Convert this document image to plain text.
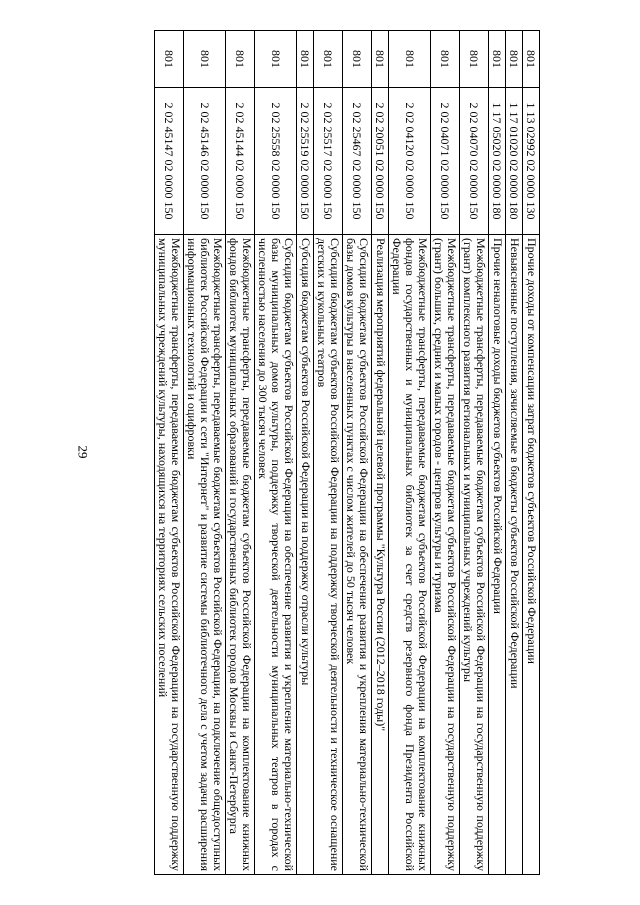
29
801	1 13 02992 02 0000 130	Прочие доходы от компенсации затрат бюджетов субъектов Российской Федерации
801	1 17 01020 02 0000 180	Невыясненные поступления, зачисляемые в бюджеты субъектов Российской Федерации
801	1 17 05020 02 0000 180	Прочие неналоговые доходы бюджетов субъектов Российской Федерации
801	2 02 04070 02 0000 150	Межбюджетные трансферты, передаваемые бюджетам субъектов Российской Федерации на государственную поддержку (грант) комплексного развития региональных и муниципальных учреждений культуры
801	2 02 04071 02 0000 150	Межбюджетные трансферты, передаваемые бюджетам субъектов Российской Федерации на государственную поддержку (грант) больших, средних и малых городов - центров культуры и туризма
801	2 02 04120 02 0000 150	Межбюджетные трансферты, передаваемые бюджетам субъектов Российской Федерации на комплектование книжных фондов государственных и муниципальных библиотек за счет средств резервного фонда Президента Российской Федерации
801	2 02 20051 02 0000 150	Реализация мероприятий федеральной целевой программы "Культура России (2012–2018 годы)"
801	2 02 25467 02 0000 150	Субсидии бюджетам субъектов Российской Федерации на обеспечение развития и укрепления материально-технической базы домов культуры в населенных пунктах с числом жителей до 50 тысяч человек
801	2 02 25517 02 0000 150	Субсидии бюджетам субъектов Российской Федерации на поддержку творческой деятельности и техническое оснащение детских и кукольных театров
801	2 02 25519 02 0000 150	Субсидия бюджетам субъектов Российской Федерации на поддержку отрасли культуры
801	2 02 25558 02 0000 150	Субсидии бюджетам субъектов Российской Федерации на обеспечение развития и укрепление материально-технической базы муниципальных домов культуры, поддержку творческой деятельности муниципальных театров в городах с численностью населения до 300 тысяч человек
801	2 02 45144 02 0000 150	Межбюджетные трансферты, передаваемые бюджетам субъектов Российской Федерации на комплектование книжных фондов библиотек муниципальных образований и государственных библиотек городов Москвы и Санкт-Петербурга
801	2 02 45146 02 0000 150	Межбюджетные трансферты, передаваемые бюджетам субъектов Российской Федерации, на подключение общедоступных библиотек Российской Федерации к сети "Интернет" и развитие системы библиотечного дела с учетом задачи расширения информационных технологий и оцифровки
801	2 02 45147 02 0000 150	Межбюджетные трансферты, передаваемые бюджетам субъектов Российской Федерации на государственную поддержку муниципальных учреждений культуры, находящихся на территориях сельских поселений
